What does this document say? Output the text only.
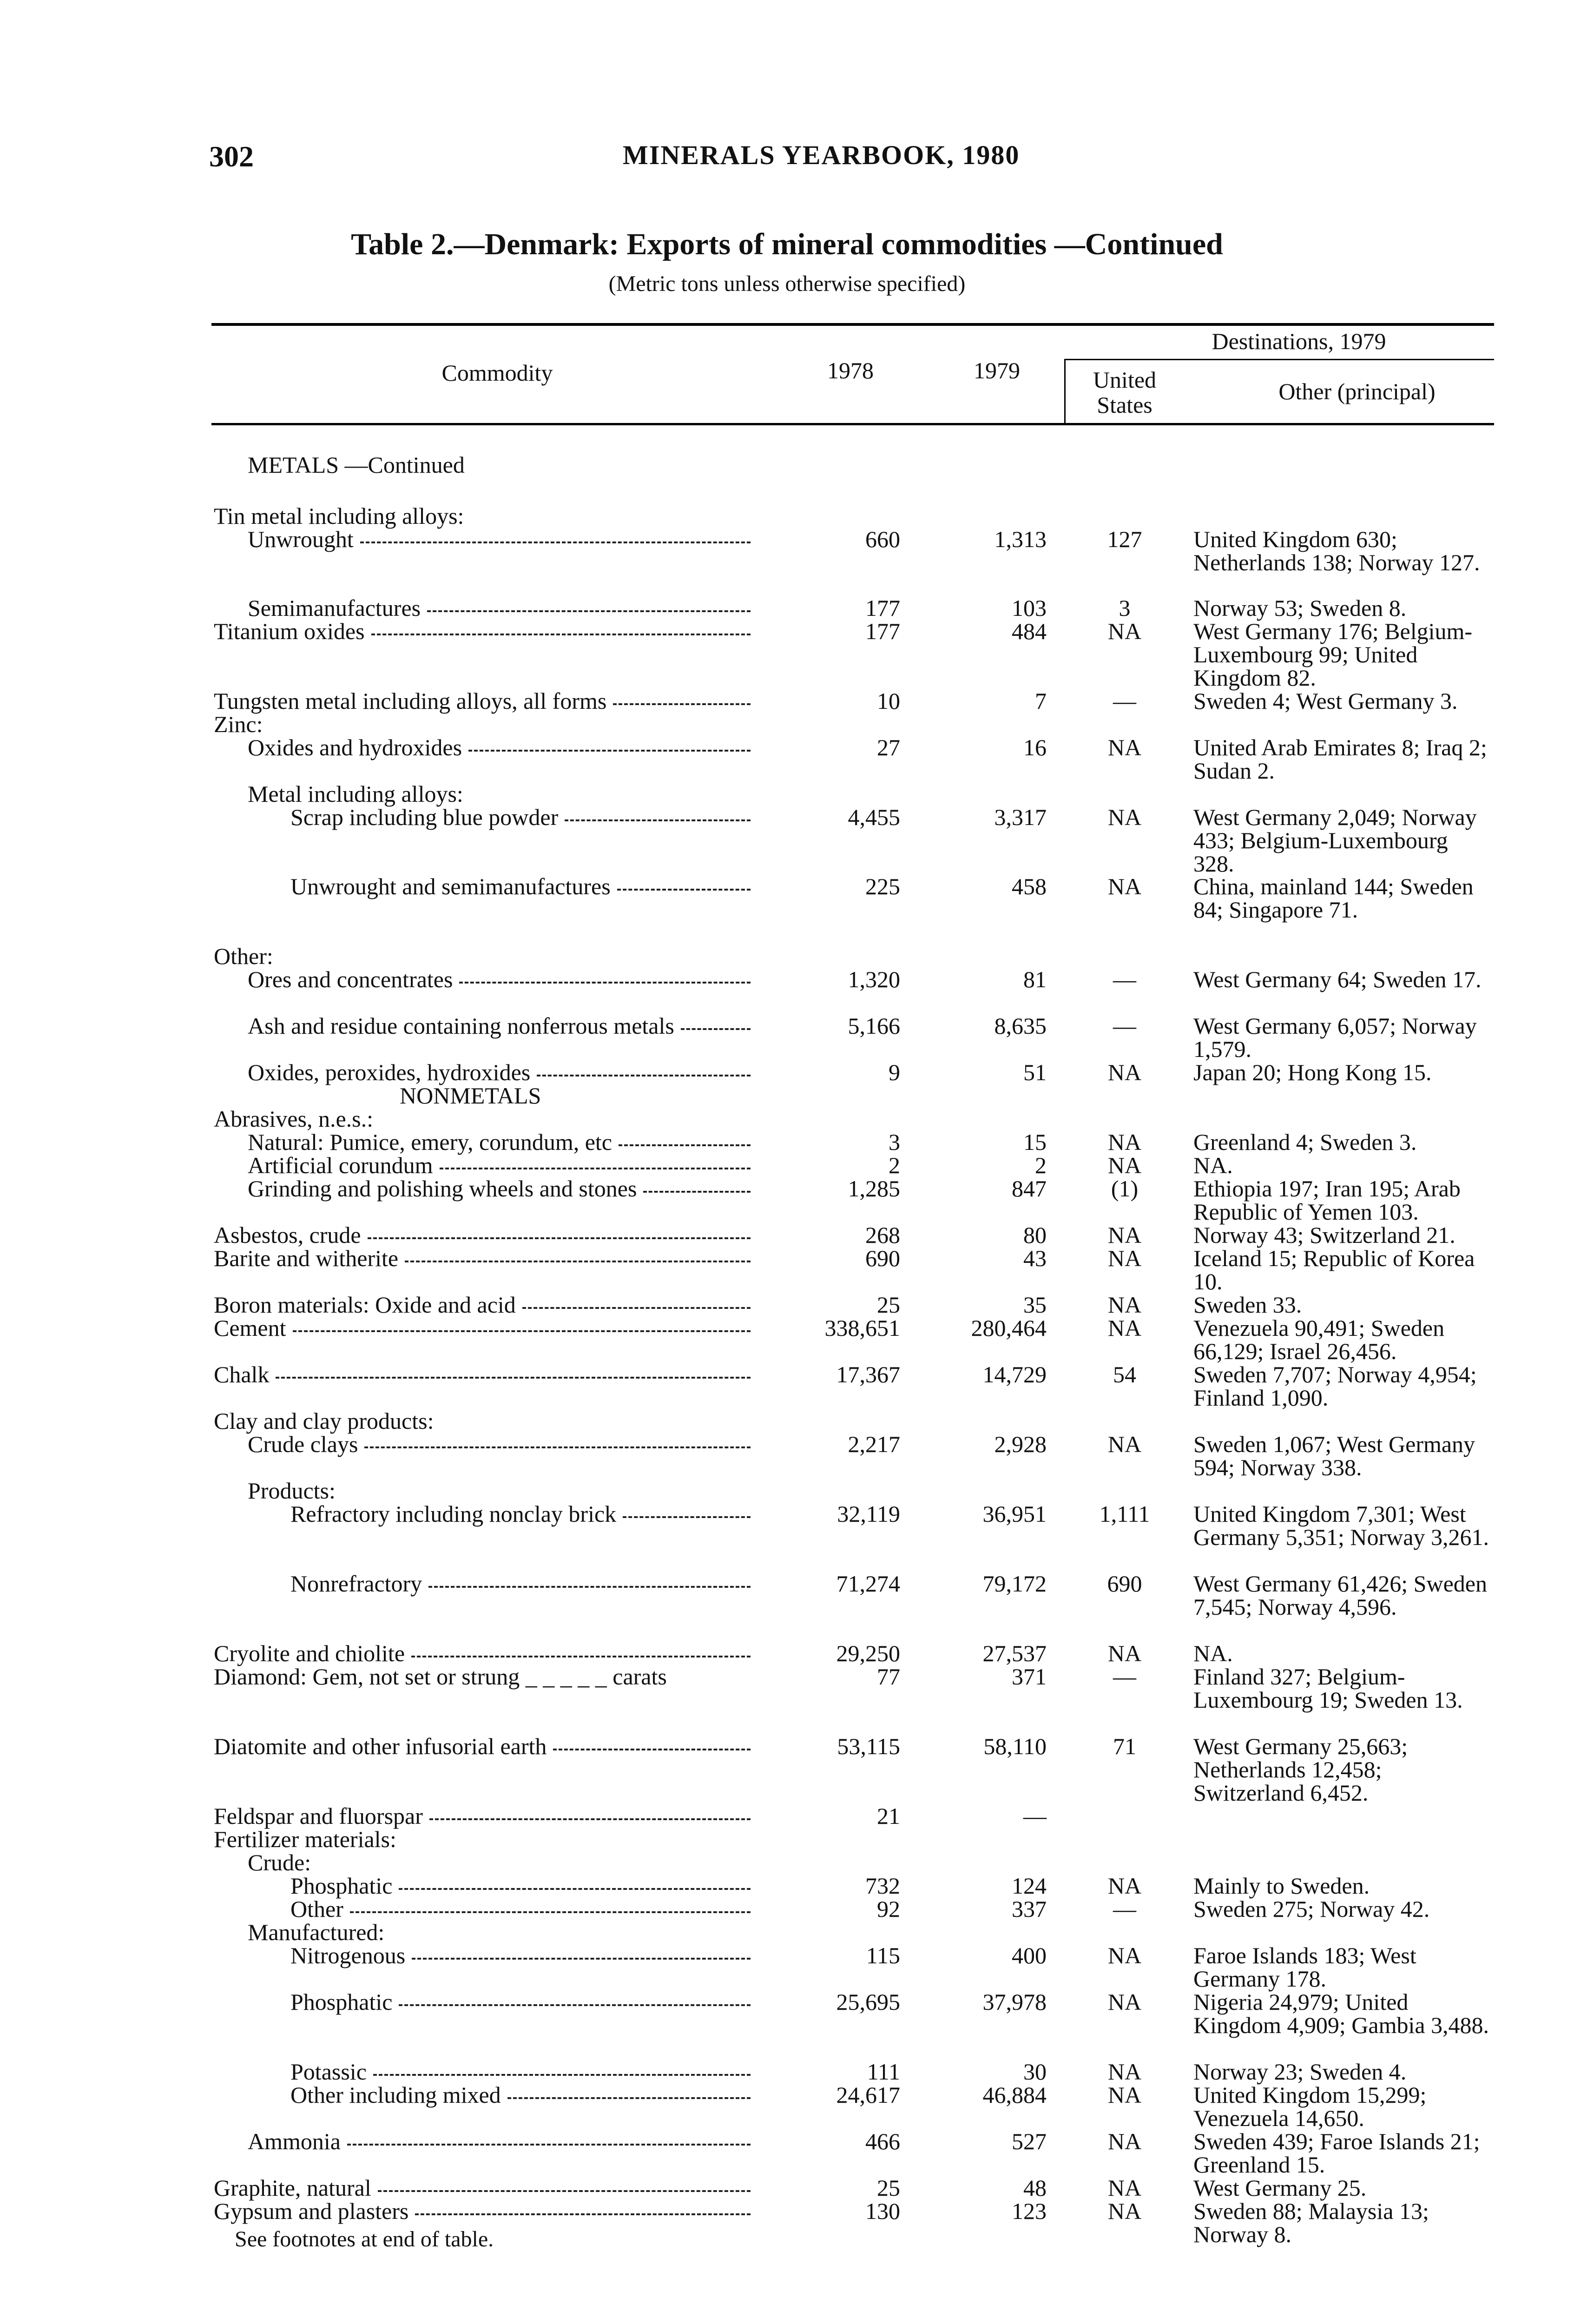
302	MINERALS YEARBOOK, 1980
Table 2.—Denmark: Exports of mineral commodities —Continued
(Metric tons unless otherwise specified)
Commodity	1978	1979
Destinations, 1979
United States
Other (principal)
METALS —Continued
Tin metal including alloys:
Unwrought	660	1,313	127	United Kingdom 630; Netherlands 138; Norway 127.
Semimanufactures	177	103	3	Norway 53; Sweden 8.
Titanium oxides	177	484	NA	West Germany 176; Belgium-Luxembourg 99; United Kingdom 82.
Tungsten metal including alloys, all forms	10	7	—	Sweden 4; West Germany 3.
Zinc:
Oxides and hydroxides	27	16	NA	United Arab Emirates 8; Iraq 2; Sudan 2.
Metal including alloys:
Scrap including blue powder	4,455	3,317	NA	West Germany 2,049; Norway 433; Belgium-Luxembourg 328.
Unwrought and semimanufactures	225	458	NA	China, mainland 144; Sweden 84; Singapore 71.
Other:
Ores and concentrates	1,320	81	—	West Germany 64; Sweden 17.
Ash and residue containing nonferrous metals	5,166	8,635	—	West Germany 6,057; Norway 1,579.
Oxides, peroxides, hydroxides	9	51	NA	Japan 20; Hong Kong 15.
NONMETALS
Abrasives, n.e.s.:
Natural: Pumice, emery, corundum, etc	3	15	NA	Greenland 4; Sweden 3.
Artificial corundum	2	2	NA	NA.
Grinding and polishing wheels and stones	1,285	847	(1)	Ethiopia 197; Iran 195; Arab Republic of Yemen 103.
Asbestos, crude	268	80	NA	Norway 43; Switzerland 21.
Barite and witherite	690	43	NA	Iceland 15; Republic of Korea 10.
Boron materials: Oxide and acid	25	35	NA	Sweden 33.
Cement	338,651	280,464	NA	Venezuela 90,491; Sweden 66,129; Israel 26,456.
Chalk	17,367	14,729	54	Sweden 7,707; Norway 4,954; Finland 1,090.
Clay and clay products:
Crude clays	2,217	2,928	NA	Sweden 1,067; West Germany 594; Norway 338.
Products:
Refractory including nonclay brick	32,119	36,951	1,111	United Kingdom 7,301; West Germany 5,351; Norway 3,261.
Nonrefractory	71,274	79,172	690	West Germany 61,426; Sweden 7,545; Norway 4,596.
Cryolite and chiolite	29,250	27,537	NA	NA.
Diamond: Gem, not set or strung _ _ _ _ _ carats	77	371	—	Finland 327; Belgium-Luxembourg 19; Sweden 13.
Diatomite and other infusorial earth	53,115	58,110	71	West Germany 25,663; Netherlands 12,458; Switzerland 6,452.
Feldspar and fluorspar	21	—
Fertilizer materials:
Crude:
Phosphatic	732	124	NA	Mainly to Sweden.
Other	92	337	—	Sweden 275; Norway 42.
Manufactured:
Nitrogenous	115	400	NA	Faroe Islands 183; West Germany 178.
Phosphatic	25,695	37,978	NA	Nigeria 24,979; United Kingdom 4,909; Gambia 3,488.
Potassic	111	30	NA	Norway 23; Sweden 4.
Other including mixed	24,617	46,884	NA	United Kingdom 15,299; Venezuela 14,650.
Ammonia	466	527	NA	Sweden 439; Faroe Islands 21; Greenland 15.
Graphite, natural	25	48	NA	West Germany 25.
Gypsum and plasters	130	123	NA	Sweden 88; Malaysia 13; Norway 8.
See footnotes at end of table.
